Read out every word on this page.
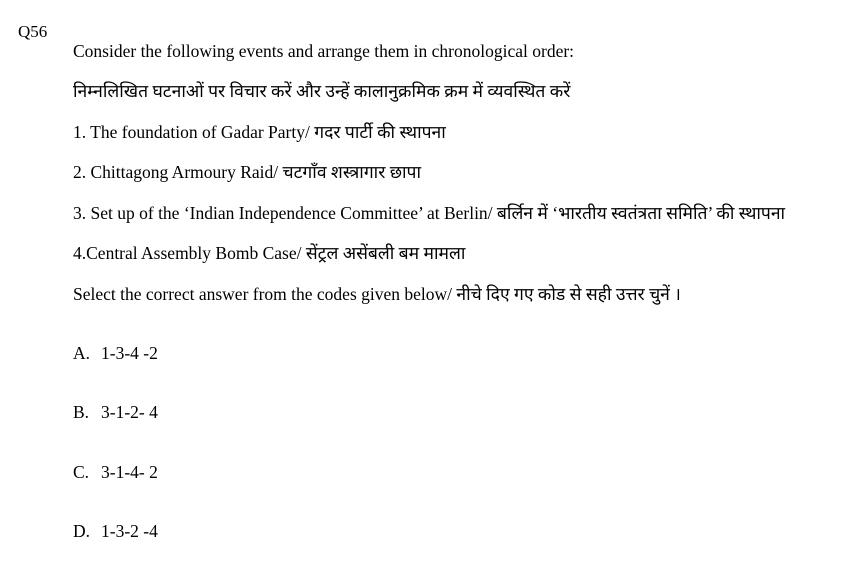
Q56
Consider the following events and arrange them in chronological order:
निम्नलिखित घटनाओं पर विचार करें और उन्हें कालानुक्रमिक क्रम में व्यवस्थित करें
1. The foundation of Gadar Party/ गदर पार्टी की स्थापना
2. Chittagong Armoury Raid/ चटगाँव शस्त्रागार छापा
3. Set up of the ‘Indian Independence Committee’ at Berlin/ बर्लिन में ‘भारतीय स्वतंत्रता समिति’ की स्थापना
4.Central Assembly Bomb Case/ सेंट्रल असेंबली बम मामला
Select the correct answer from the codes given below/ नीचे दिए गए कोड से सही उत्तर चुनें ।
A. 1-3-4 -2
B. 3-1-2- 4
C. 3-1-4- 2
D. 1-3-2 -4
